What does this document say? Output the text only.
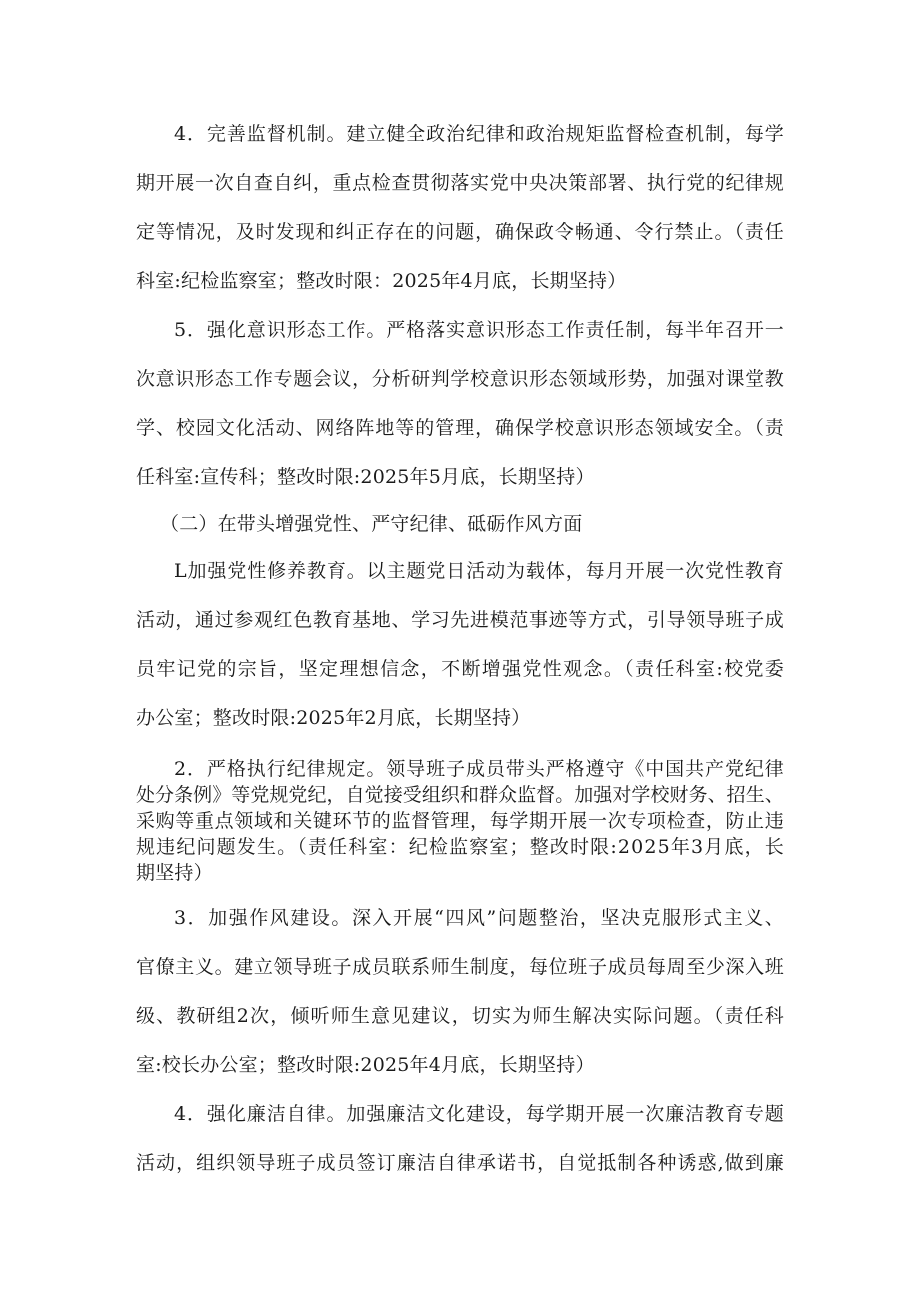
4．完善监督机制。建立健全政治纪律和政治规矩监督检查机制，每学
期开展一次自查自纠，重点检查贯彻落实党中央决策部署、执行党的纪律规
定等情况，及时发现和纠正存在的问题，确保政令畅通、令行禁止。（责任
科室:纪检监察室；整改时限：2025年4月底，长期坚持）
5．强化意识形态工作。严格落实意识形态工作责任制，每半年召开一
次意识形态工作专题会议，分析研判学校意识形态领域形势，加强对课堂教
学、校园文化活动、网络阵地等的管理，确保学校意识形态领域安全。（责
任科室:宣传科；整改时限:2025年5月底，长期坚持）
（二）在带头增强党性、严守纪律、砥砺作风方面
L加强党性修养教育。以主题党日活动为载体，每月开展一次党性教育
活动，通过参观红色教育基地、学习先进模范事迹等方式，引导领导班子成
员牢记党的宗旨，坚定理想信念，不断增强党性观念。（责任科室:校党委
办公室；整改时限:2025年2月底，长期坚持）
2．严格执行纪律规定。领导班子成员带头严格遵守《中国共产党纪律
处分条例》等党规党纪，自觉接受组织和群众监督。加强对学校财务、招生、
采购等重点领域和关键环节的监督管理，每学期开展一次专项检查，防止违
规违纪问题发生。（责任科室：纪检监察室；整改时限:2025年3月底，长
期坚持）
3．加强作风建设。深入开展“四风”问题整治，坚决克服形式主义、
官僚主义。建立领导班子成员联系师生制度，每位班子成员每周至少深入班
级、教研组2次，倾听师生意见建议，切实为师生解决实际问题。（责任科
室:校长办公室；整改时限:2025年4月底，长期坚持）
4．强化廉洁自律。加强廉洁文化建设，每学期开展一次廉洁教育专题
活动，组织领导班子成员签订廉洁自律承诺书，自觉抵制各种诱惑,做到廉
